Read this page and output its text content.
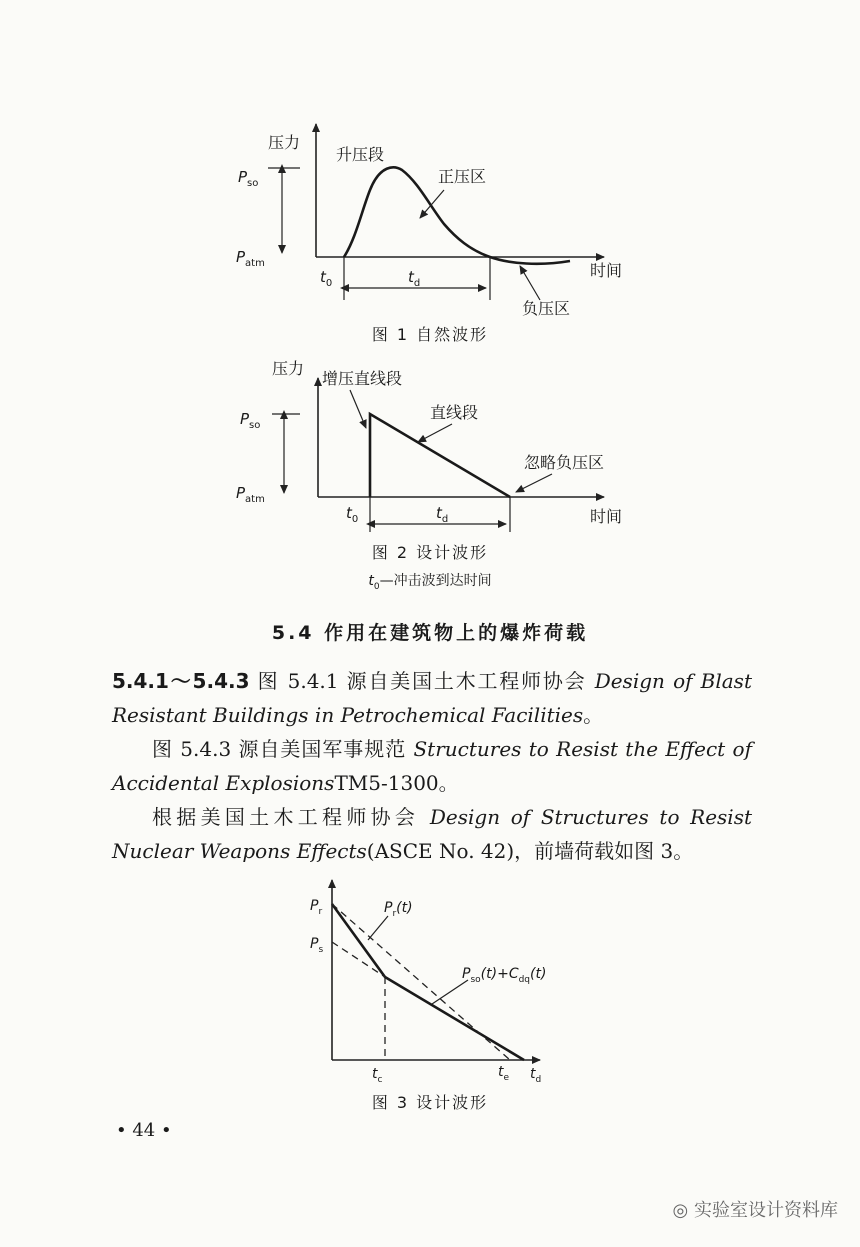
压力
升压段
正压区
$P_{so}$
$P_{atm}$
$t_0$	$t_d$
时间
负压区
图 1 自然波形
压力
增压直线段
直线段
忽略负压区
$P_{so}$
$P_{atm}$
$t_0$	$t_d$	时间
图 2 设计波形
$t_0—$冲击波到达时间
5.4 作用在建筑物上的爆炸荷载
5.4.1～5.4.3 图 5.4.1 源自美国土木工程师协会 Design of Blast Resistant Buildings in Petrochemical Facilities。
图 5.4.3 源自美国军事规范 Structures to Resist the Effect of Accidental ExplosionsTM5-1300。
根据美国土木工程师协会 Design of Structures to Resist Nuclear Weapons Effects(ASCE No. 42)，前墙荷载如图 3。
$P_r$
$P_s$
$P_r(t)$
$P_{so}(t)+C_{dq}(t)$
$t_c$	$t_e$ $t_d$
图 3 设计波形
• 44 •
◎ 实验室设计资料库
